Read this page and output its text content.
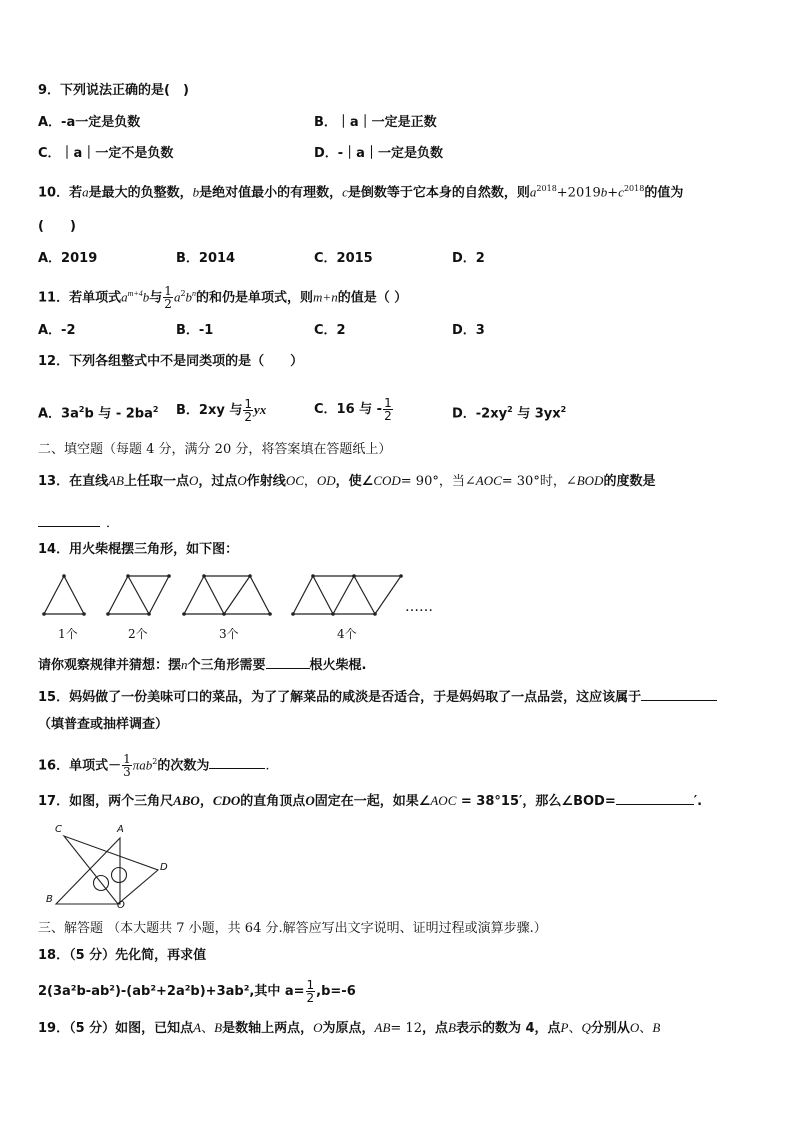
9．下列说法正确的是(　)
A．-a一定是负数	B．｜a｜一定是正数
C．｜a｜一定不是负数	D．-｜a｜一定是负数
10．若a是最大的负整数，b是绝对值最小的有理数，c是倒数等于它本身的自然数，则$a^{2018}+2019b+c^{2018}$的值为
(　　)
A．2019	B．2014	C．2015	D．2
11．若单项式$a^{m+4}b$与 $\frac{1}{2} a^2b^n$的和仍是单项式，则m+n的值是（ ）
A．-2	B．-1	C．2	D．3
12．下列各组整式中不是同类项的是（　　）
A．$3a^2b$ 与 - $2ba^2$ B．2xy 与 $\frac{1}{2}$ yx	C．16 与 - $\frac{1}{2}$	D．$-2xy^2$ 与 $3yx^2$
二、填空题（每题 4 分，满分 20 分，将答案填在答题纸上）
13．在直线AB上任取一点O，过点O作射线OC，OD，使∠COD= 90°，当∠AOC= 30°时，∠BOD的度数是
．
14．用火柴棍摆三角形，如下图：
1个	2个	3个	4个
……
请你观察规律并猜想：摆n个三角形需要	根火柴棍.
15．妈妈做了一份美味可口的菜品，为了了解菜品的咸淡是否适合，于是妈妈取了一点品尝，这应该属于
（填普查或抽样调查）
16．单项式－ $\frac{1}{3} \pi ab^2$的次数为	.
17．如图，两个三角尺ABO，CDO的直角顶点O固定在一起，如果∠AOC = 38°15′，那么∠BOD=	′.
C	A
D
B
O
三、解答题 （本大题共 7 小题，共 64 分.解答应写出文字说明、证明过程或演算步骤.）
18．（5 分）先化简，再求值
2(3a²b-ab²)-(ab²+2a²b)+3ab²,其中 $a= \frac{1}{2} ,b=-6$
19．（5 分）如图，已知点A、B是数轴上两点，O为原点，AB= 12，点B表示的数为 4，点P、Q分别从O、B
